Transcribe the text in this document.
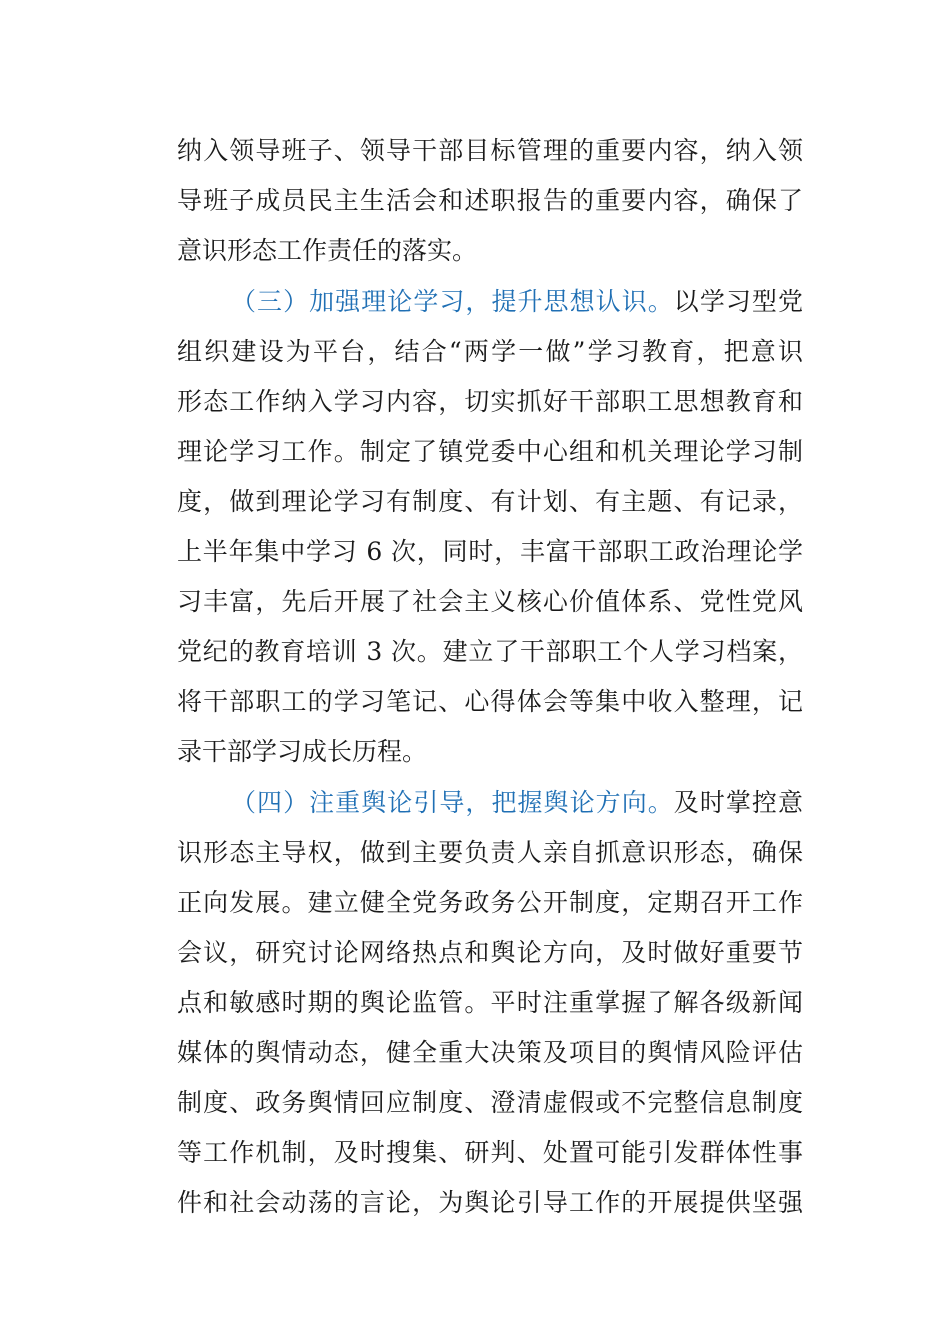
纳入领导班子、领导干部目标管理的重要内容，纳入领
导班子成员民主生活会和述职报告的重要内容，确保了
意识形态工作责任的落实。
（三）加强理论学习，提升思想认识。以学习型党
组织建设为平台，结合“两学一做”学习教育，把意识
形态工作纳入学习内容，切实抓好干部职工思想教育和
理论学习工作。制定了镇党委中心组和机关理论学习制
度，做到理论学习有制度、有计划、有主题、有记录，
上半年集中学习 6 次，同时，丰富干部职工政治理论学
习丰富，先后开展了社会主义核心价值体系、党性党风
党纪的教育培训 3 次。建立了干部职工个人学习档案，
将干部职工的学习笔记、心得体会等集中收入整理，记
录干部学习成长历程。
（四）注重舆论引导，把握舆论方向。及时掌控意
识形态主导权，做到主要负责人亲自抓意识形态，确保
正向发展。建立健全党务政务公开制度，定期召开工作
会议，研究讨论网络热点和舆论方向，及时做好重要节
点和敏感时期的舆论监管。平时注重掌握了解各级新闻
媒体的舆情动态，健全重大决策及项目的舆情风险评估
制度、政务舆情回应制度、澄清虚假或不完整信息制度
等工作机制，及时搜集、研判、处置可能引发群体性事
件和社会动荡的言论，为舆论引导工作的开展提供坚强
